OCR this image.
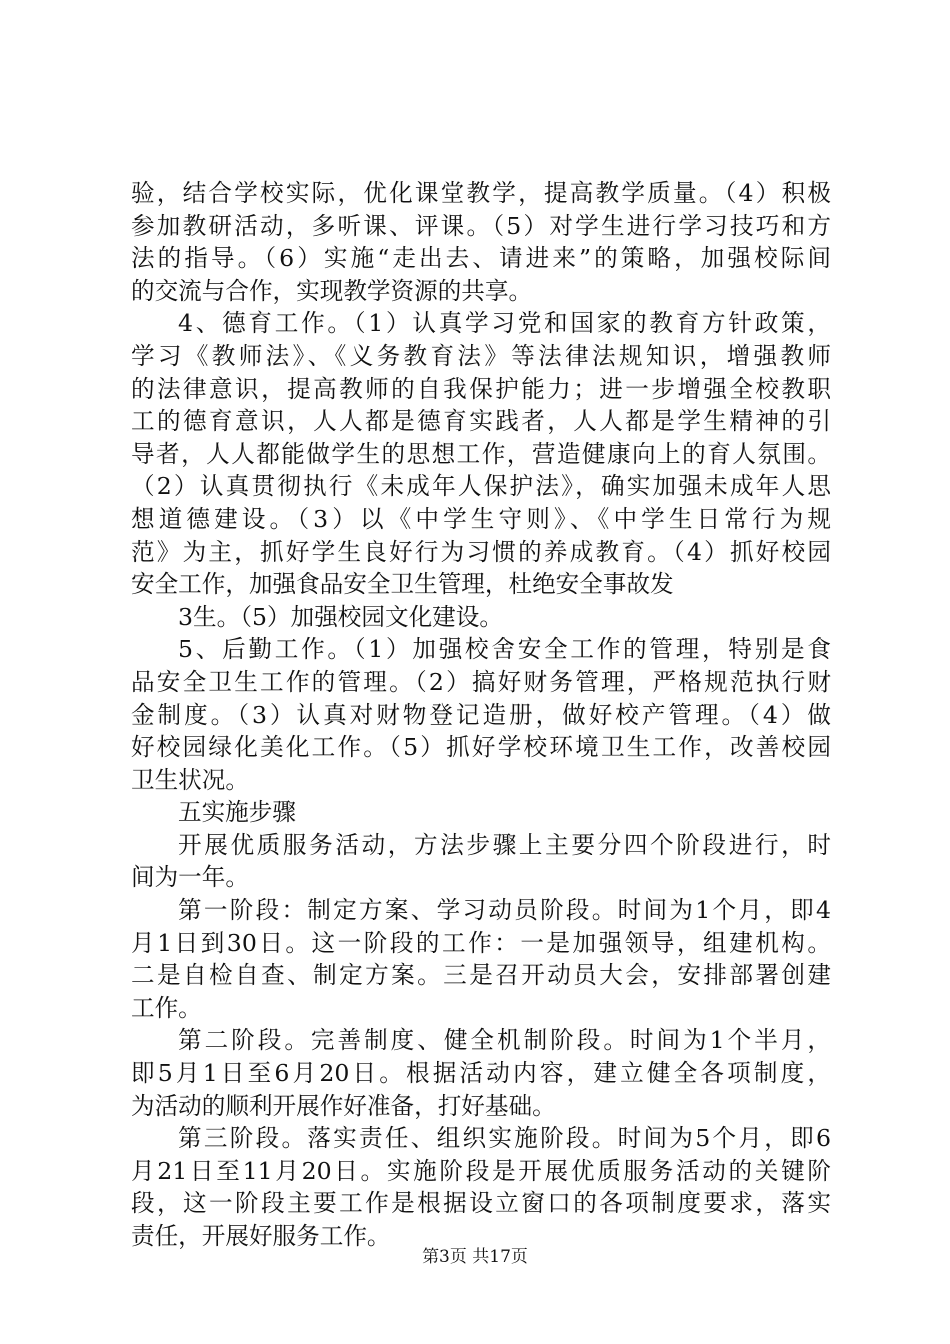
验，结合学校实际，优化课堂教学，提高教学质量。（4）积极
参加教研活动，多听课、评课。（5）对学生进行学习技巧和方
法的指导。（6）实施“走出去、请进来”的策略，加强校际间
的交流与合作，实现教学资源的共享。
4、德育工作。（1）认真学习党和国家的教育方针政策，
学习《教师法》、《义务教育法》等法律法规知识，增强教师
的法律意识，提高教师的自我保护能力；进一步增强全校教职
工的德育意识，人人都是德育实践者，人人都是学生精神的引
导者，人人都能做学生的思想工作，营造健康向上的育人氛围。
（2）认真贯彻执行《未成年人保护法》，确实加强未成年人思
想道德建设。（3）以《中学生守则》、《中学生日常行为规
范》为主，抓好学生良好行为习惯的养成教育。（4）抓好校园
安全工作，加强食品安全卫生管理，杜绝安全事故发
3生。（5）加强校园文化建设。
5、后勤工作。（1）加强校舍安全工作的管理，特别是食
品安全卫生工作的管理。（2）搞好财务管理，严格规范执行财
金制度。（3）认真对财物登记造册，做好校产管理。（4）做
好校园绿化美化工作。（5）抓好学校环境卫生工作，改善校园
卫生状况。
五实施步骤
开展优质服务活动，方法步骤上主要分四个阶段进行，时
间为一年。
第一阶段：制定方案、学习动员阶段。时间为1个月，即4
月1日到30日。这一阶段的工作：一是加强领导，组建机构。
二是自检自查、制定方案。三是召开动员大会，安排部署创建
工作。
第二阶段。完善制度、健全机制阶段。时间为1个半月，
即5月1日至6月20日。根据活动内容，建立健全各项制度，
为活动的顺利开展作好准备，打好基础。
第三阶段。落实责任、组织实施阶段。时间为5个月，即6
月21日至11月20日。实施阶段是开展优质服务活动的关键阶
段，这一阶段主要工作是根据设立窗口的各项制度要求，落实
责任，开展好服务工作。
第3页 共17页
